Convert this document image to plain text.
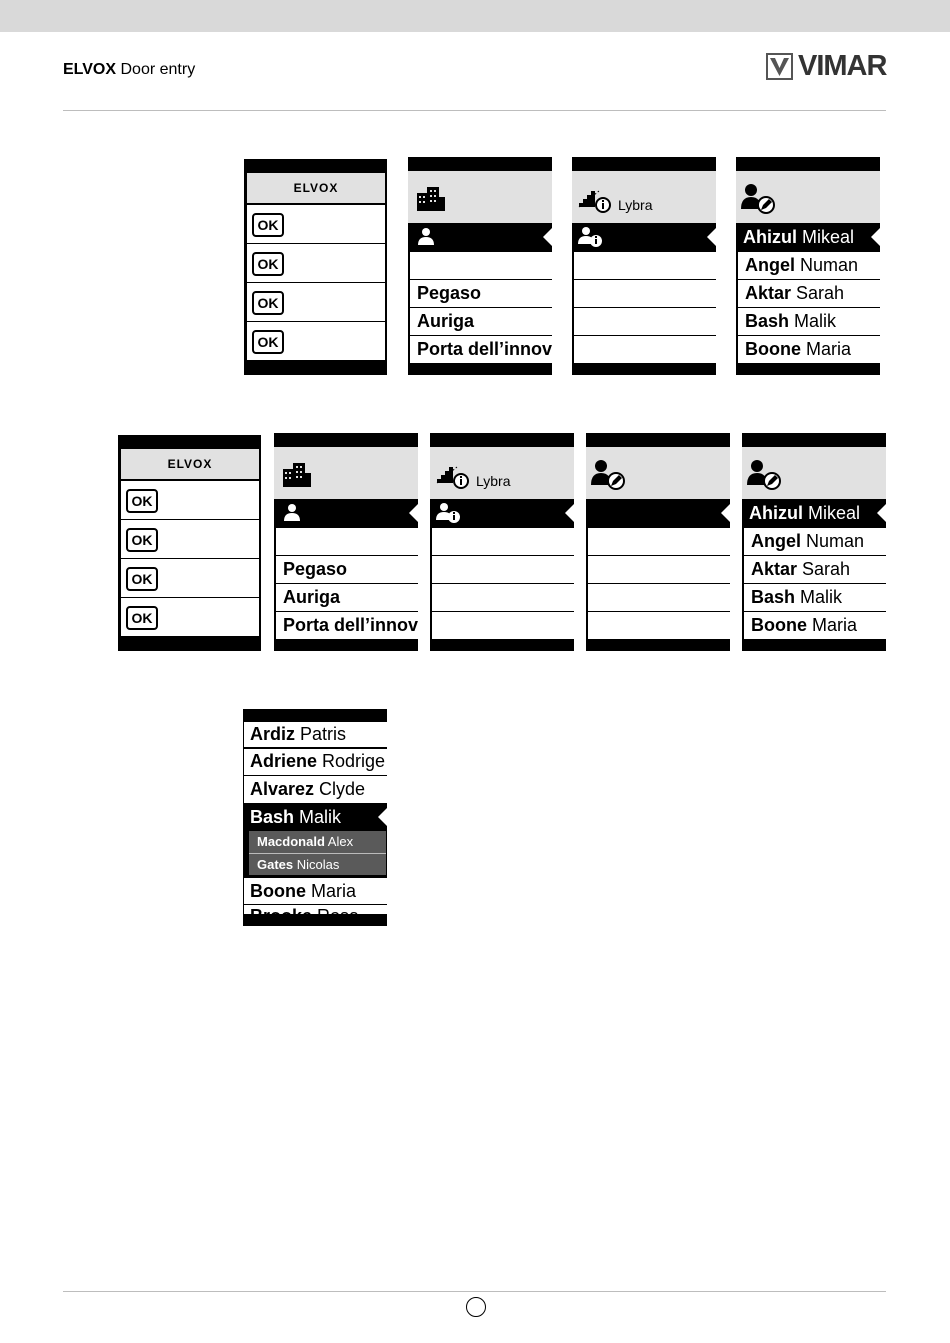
ELVOX Door entry	VIMAR
ELVOX
OK
OK
OK
OK
Pegaso
Auriga
Porta dell’innov
Lybra
Ahizul Mikeal
Angel Numan
Aktar Sarah
Bash Malik
Boone Maria
ELVOX
OK
OK
OK
OK
Pegaso
Auriga
Porta dell’innov
Lybra
Ahizul Mikeal
Angel Numan
Aktar Sarah
Bash Malik
Boone Maria
Ardiz Patris
Adriene Rodrige
Alvarez Clyde
Bash Malik
Macdonald Alex
Gates Nicolas
Boone Maria
Brooke Rosa
